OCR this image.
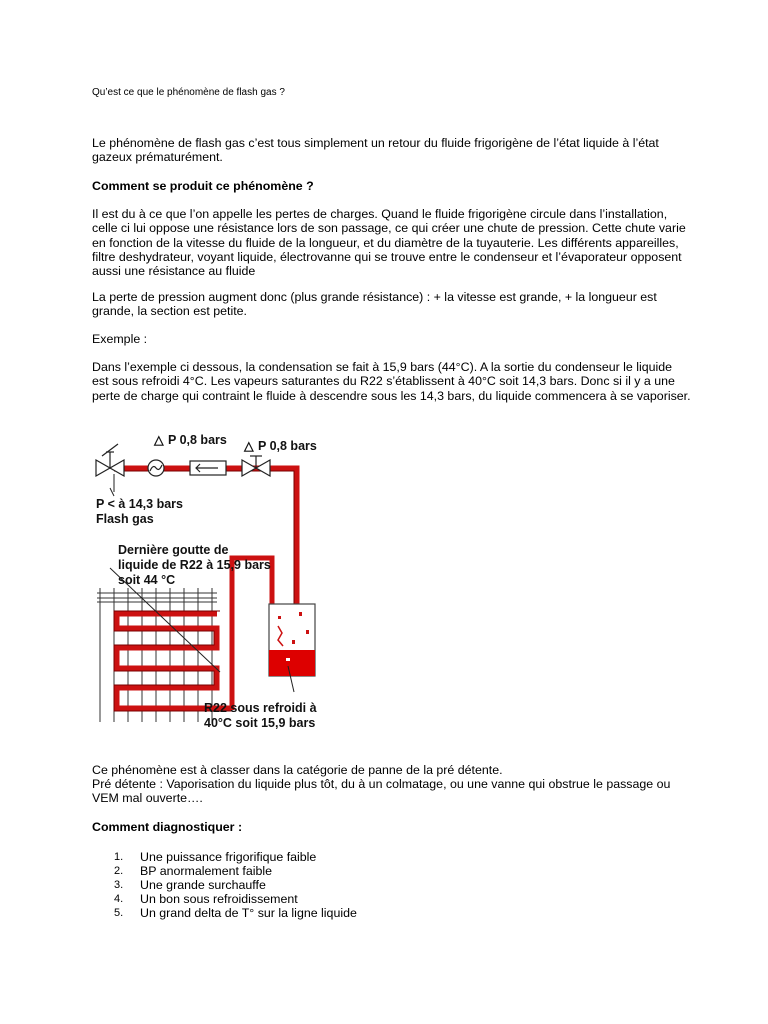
Qu’est ce que le phénomène de flash gas ?

Le phénomène de flash gas c’est tous simplement un retour du fluide frigorigène de l’état liquide à l’état gazeux prématurément.

Comment se produit ce phénomène ?

Il est du à ce que l’on appelle les pertes de charges. Quand le fluide frigorigène circule dans l’installation, celle ci lui oppose une résistance lors de son passage, ce qui créer une chute de pression. Cette chute varie en fonction de la vitesse du fluide de la longueur, et du diamètre de la tuyauterie. Les différents appareilles, filtre deshydrateur, voyant liquide, électrovanne qui se trouve entre le condenseur et l’évaporateur opposent aussi une résistance au fluide

La perte de pression augment donc (plus grande résistance) : + la vitesse est grande, + la longueur est grande, la section est petite.

Exemple :

Dans l’exemple ci dessous, la condensation se fait à 15,9 bars (44°C). A la sortie du condenseur le liquide est sous refroidi 4°C. Les vapeurs saturantes du R22 s’établissent à 40°C soit 14,3 bars. Donc si il y a une perte de charge qui contraint le fluide à descendre sous les 14,3 bars, du liquide commencera à se vaporiser.

△ P 0,8 bars △ P 0,8 bars
P < à 14,3 bars
Flash gas
Dernière goutte de
liquide de R22 à 15,9 bars
soit 44 °C
R22 sous refroidi à
40°C soit 15,9 bars

Ce phénomène est à classer dans la catégorie de panne de la pré détente.

Pré détente : Vaporisation du liquide plus tôt, du à un colmatage, ou une vanne qui obstrue le passage ou VEM mal ouverte….

Comment diagnostiquer :

1.	Une puissance frigorifique faible
2.	BP anormalement faible
3.	Une grande surchauffe
4.	Un bon sous refroidissement
5.	Un grand delta de T° sur la ligne liquide
